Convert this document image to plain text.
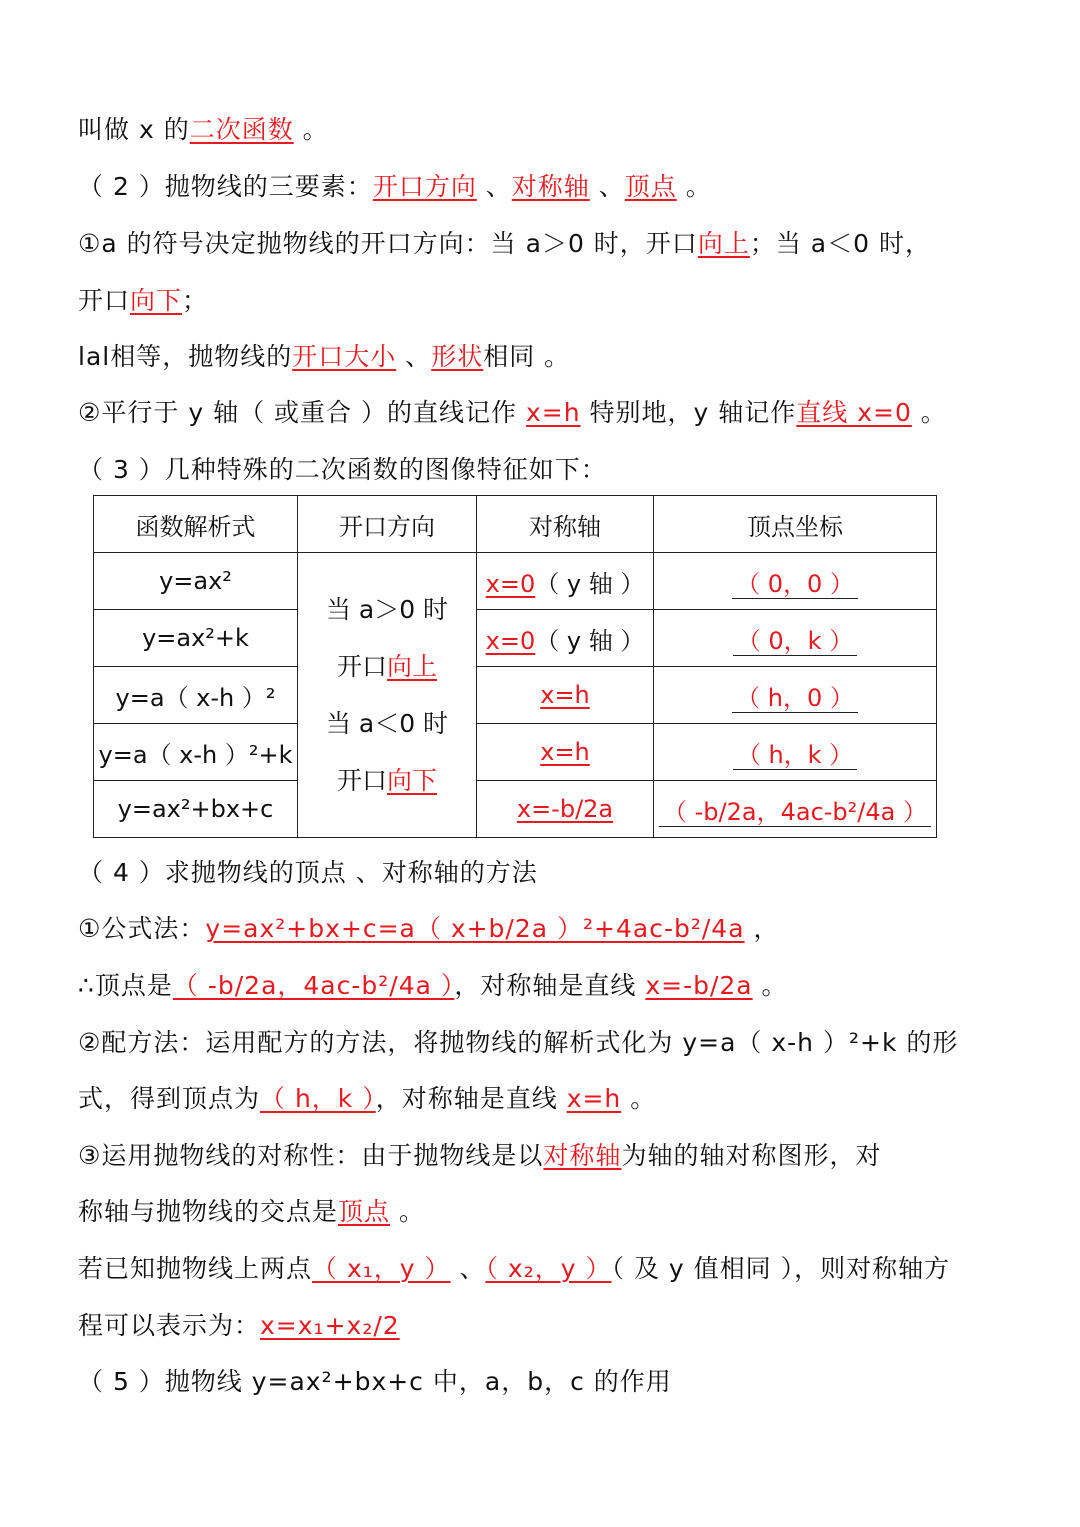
叫做 x 的二次函数 。
（ 2 ）抛物线的三要素：开口方向 、对称轴 、顶点 。
①a 的符号决定抛物线的开口方向：当 a＞0 时，开口向上；当 a＜0 时，
开口向下；
lal相等，抛物线的开口大小 、形状相同 。
②平行于 y 轴（ 或重合 ）的直线记作 x=h 特别地，y 轴记作直线 x=0 。
（ 3 ）几种特殊的二次函数的图像特征如下：
函数解析式	开口方向	对称轴	顶点坐标
y=ax²	当 a＞0 时
开口向上
当 a＜0 时
开口向下	x=0（ y 轴 ）	（ 0，0 ）
y=ax²+k		x=0（ y 轴 ）	（ 0，k ）
y=a（ x-h ）²		x=h	（ h，0 ）
y=a（ x-h ）²+k		x=h	（ h，k ）
y=ax²+bx+c		x=-b/2a	（ -b/2a，4ac-b²/4a ）
（ 4 ）求抛物线的顶点 、对称轴的方法
①公式法：y=ax²+bx+c=a（ x+b/2a ）²+4ac-b²/4a ，
∴顶点是（ -b/2a，4ac-b²/4a ），对称轴是直线 x=-b/2a 。
②配方法：运用配方的方法，将抛物线的解析式化为 y=a（ x-h ）²+k 的形
式，得到顶点为（ h，k ），对称轴是直线 x=h 。
③运用抛物线的对称性：由于抛物线是以对称轴为轴的轴对称图形，对
称轴与抛物线的交点是顶点 。
若已知抛物线上两点（ x₁，y ） 、（ x₂，y ）（ 及 y 值相同 ），则对称轴方
程可以表示为：x=x₁+x₂/2
（ 5 ）抛物线 y=ax²+bx+c 中，a，b，c 的作用
